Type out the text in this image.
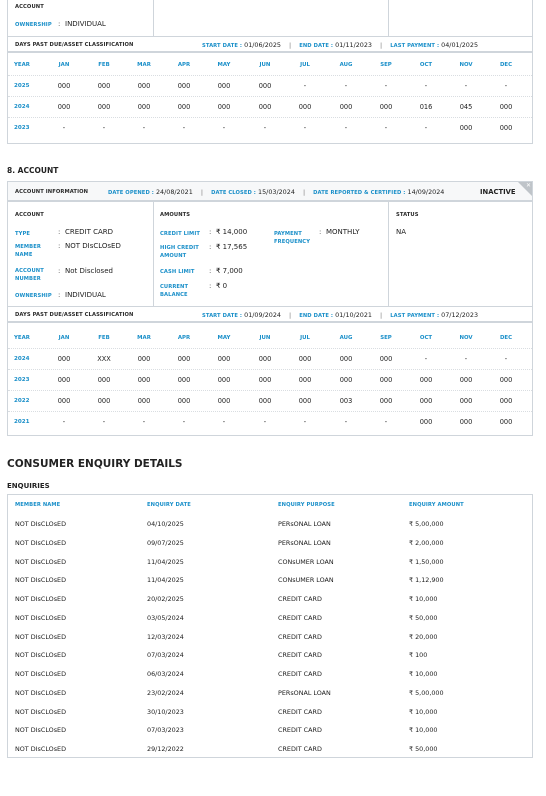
ACCOUNT
OWNERSHIP : INDIVIDUAL
DAYS PAST DUE/ASSET CLASSIFICATION	START DATE : 01/06/2025 | END DATE : 01/11/2023 | LAST PAYMENT : 04/01/2025
YEAR	JAN	FEB	MAR	APR	MAY	JUN	JUL	AUG	SEP	OCT	NOV	DEC
2025	000	000	000	000	000	000	-	-	-	-	-	-
2024	000	000	000	000	000	000	000	000	000	016	045	000
2023	-	-	-	-	-	-	-	-	-	-	000	000
8. ACCOUNT
ACCOUNT INFORMATION	DATE OPENED : 24/08/2021 | DATE CLOSED : 15/03/2024 | DATE REPORTED & CERTIFIED : 14/09/2024	INACTIVE
✕
ACCOUNT	AMOUNTS	STATUS
NA
TYPE	: CREDIT CARD
MEMBER NAME
: NOT DIsCLOsED
ACCOUNT NUMBER
: Not Disclosed
OWNERSHIP : INDIVIDUAL
CREDIT LIMIT : ₹ 14,000
HIGH CREDIT AMOUNT
: ₹ 17,565
CASH LIMIT : ₹ 7,000
CURRENT BALANCE
: ₹ 0
PAYMENT FREQUENCY
: MONTHLY
DAYS PAST DUE/ASSET CLASSIFICATION	START DATE : 01/09/2024 | END DATE : 01/10/2021 | LAST PAYMENT : 07/12/2023
YEAR	JAN	FEB	MAR	APR	MAY	JUN	JUL	AUG	SEP	OCT	NOV	DEC
2024	000	XXX	000	000	000	000	000	000	000	-	-	-
2023	000	000	000	000	000	000	000	000	000	000	000	000
2022	000	000	000	000	000	000	000	003	000	000	000	000
2021	-	-	-	-	-	-	-	-	-	000	000	000
CONSUMER ENQUIRY DETAILS
ENQUIRIES
MEMBER NAME	ENQUIRY DATE	ENQUIRY PURPOSE	ENQUIRY AMOUNT
NOT DIsCLOsED	04/10/2025	PERsONAL LOAN	₹ 5,00,000
NOT DIsCLOsED	09/07/2025	PERsONAL LOAN	₹ 2,00,000
NOT DIsCLOsED	11/04/2025	CONsUMER LOAN	₹ 1,50,000
NOT DIsCLOsED	11/04/2025	CONsUMER LOAN	₹ 1,12,900
NOT DIsCLOsED	20/02/2025	CREDIT CARD	₹ 10,000
NOT DIsCLOsED	03/05/2024	CREDIT CARD	₹ 50,000
NOT DIsCLOsED	12/03/2024	CREDIT CARD	₹ 20,000
NOT DIsCLOsED	07/03/2024	CREDIT CARD	₹ 100
NOT DIsCLOsED	06/03/2024	CREDIT CARD	₹ 10,000
NOT DIsCLOsED	23/02/2024	PERsONAL LOAN	₹ 5,00,000
NOT DIsCLOsED	30/10/2023	CREDIT CARD	₹ 10,000
NOT DIsCLOsED	07/03/2023	CREDIT CARD	₹ 10,000
NOT DIsCLOsED	29/12/2022	CREDIT CARD	₹ 50,000
